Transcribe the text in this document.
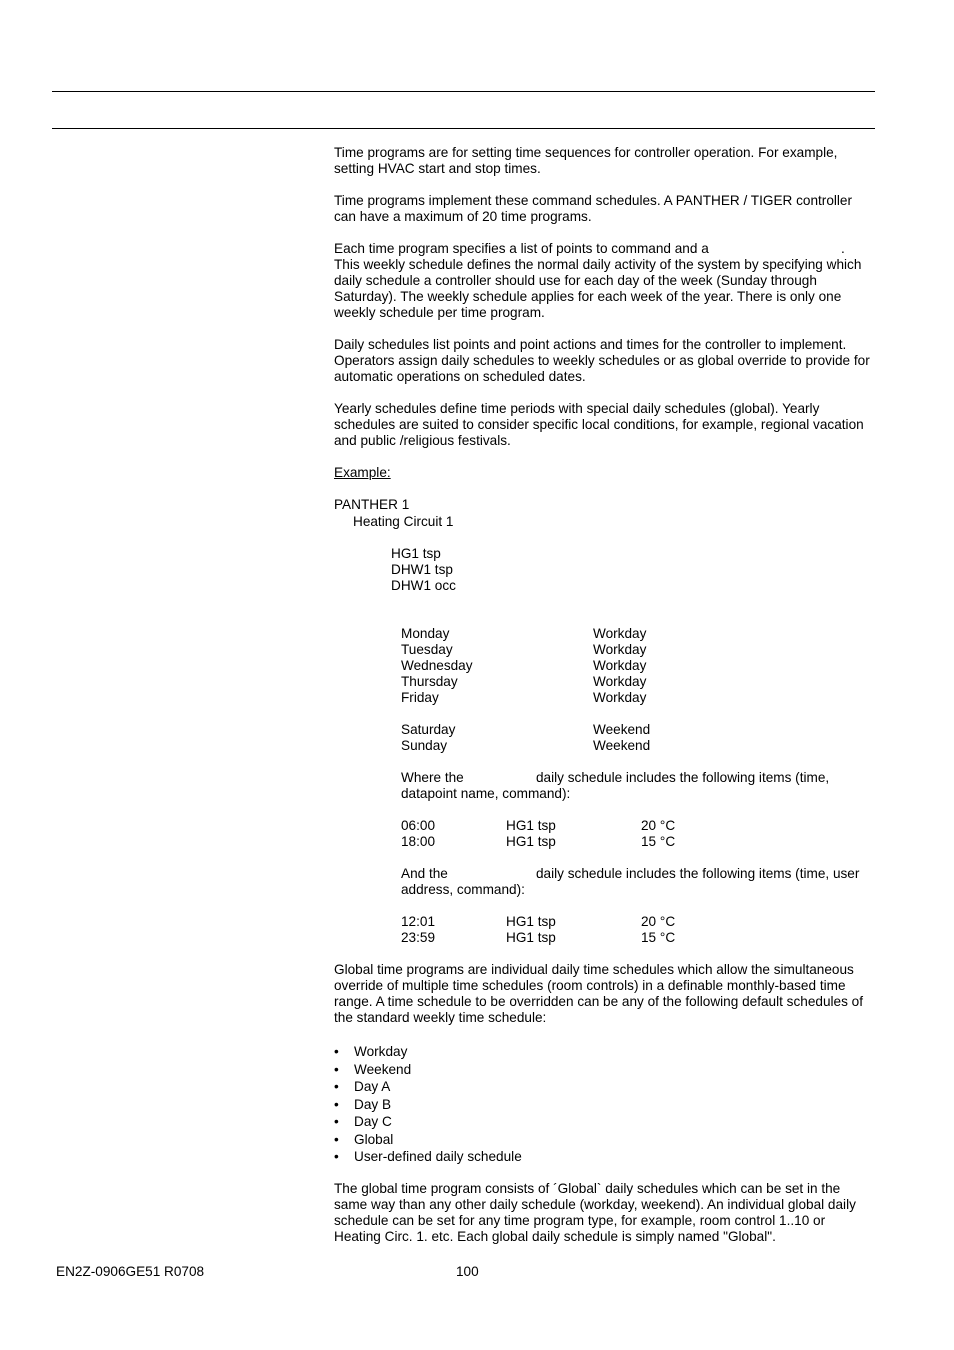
Time programs are for setting time sequences for controller operation. For example, setting HVAC start and stop times.

Time programs implement these command schedules. A PANTHER / TIGER controller can have a maximum of 20 time programs.

Each time program specifies a list of points to command and a	.

This weekly schedule defines the normal daily activity of the system by specifying which daily schedule a controller should use for each day of the week (Sunday through Saturday). The weekly schedule applies for each week of the year. There is only one weekly schedule per time program.

Daily schedules list points and point actions and times for the controller to implement. Operators assign daily schedules to weekly schedules or as global override to provide for automatic operations on scheduled dates.

Yearly schedules define time periods with special daily schedules (global). Yearly schedules are suited to consider specific local conditions, for example, regional vacation and public /religious festivals.

Example:
PANTHER 1
Heating Circuit 1
HG1 tsp
DHW1 tsp
DHW1 occ
Monday	Workday
Tuesday	Workday
Wednesday	Workday
Thursday	Workday
Friday	Workday
Saturday	Weekend
Sunday	Weekend
Where the	daily schedule includes the following items (time,
datapoint name, command):
06:00	HG1 tsp	20 °C
18:00	HG1 tsp	15 °C
And the	daily schedule includes the following items (time, user
address, command):
12:01	HG1 tsp	20 °C
23:59	HG1 tsp	15 °C

Global time programs are individual daily time schedules which allow the simultaneous override of multiple time schedules (room controls) in a definable monthly-based time range. A time schedule to be overridden can be any of the following default schedules of the standard weekly time schedule:

• Workday
• Weekend
• Day A
• Day B
• Day C
• Global
• User-defined daily schedule

The global time program consists of ´Global` daily schedules which can be set in the same way than any other daily schedule (workday, weekend). An individual global daily schedule can be set for any time program type, for example, room control 1..10 or Heating Circ. 1. etc. Each global daily schedule is simply named "Global".

EN2Z-0906GE51 R0708	100
